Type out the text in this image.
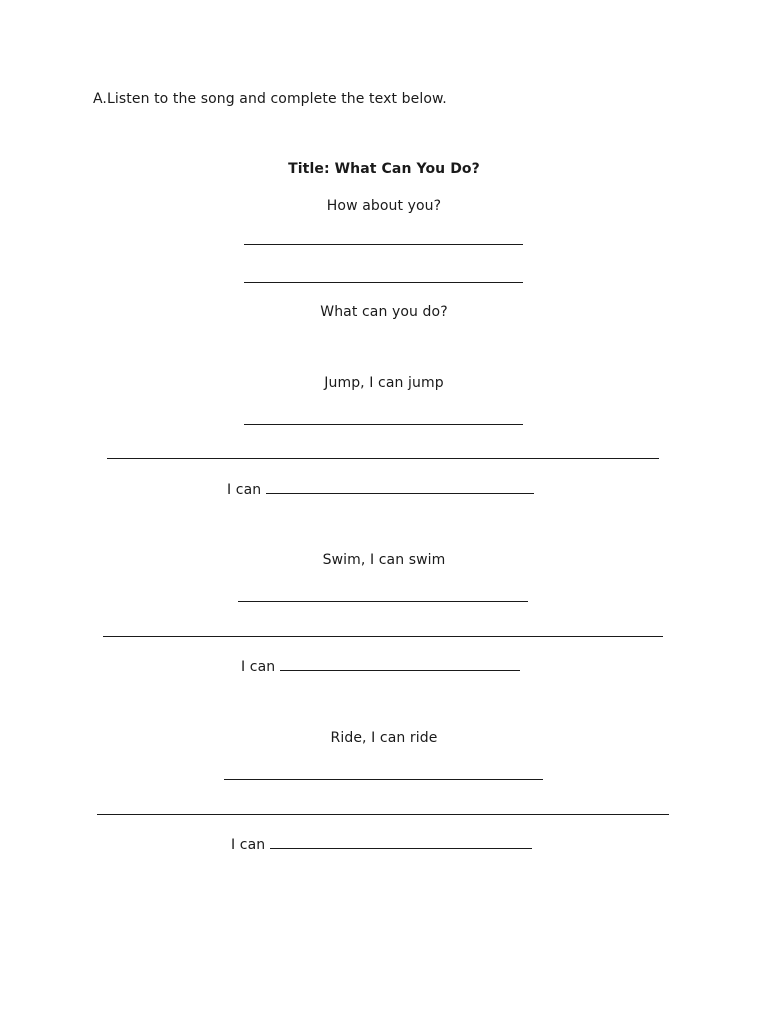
A.Listen to the song and complete the text below.
Title: What Can You Do?
How about you?
What can you do?
Jump, I can jump
I can
Swim, I can swim
I can
Ride, I can ride
I can
